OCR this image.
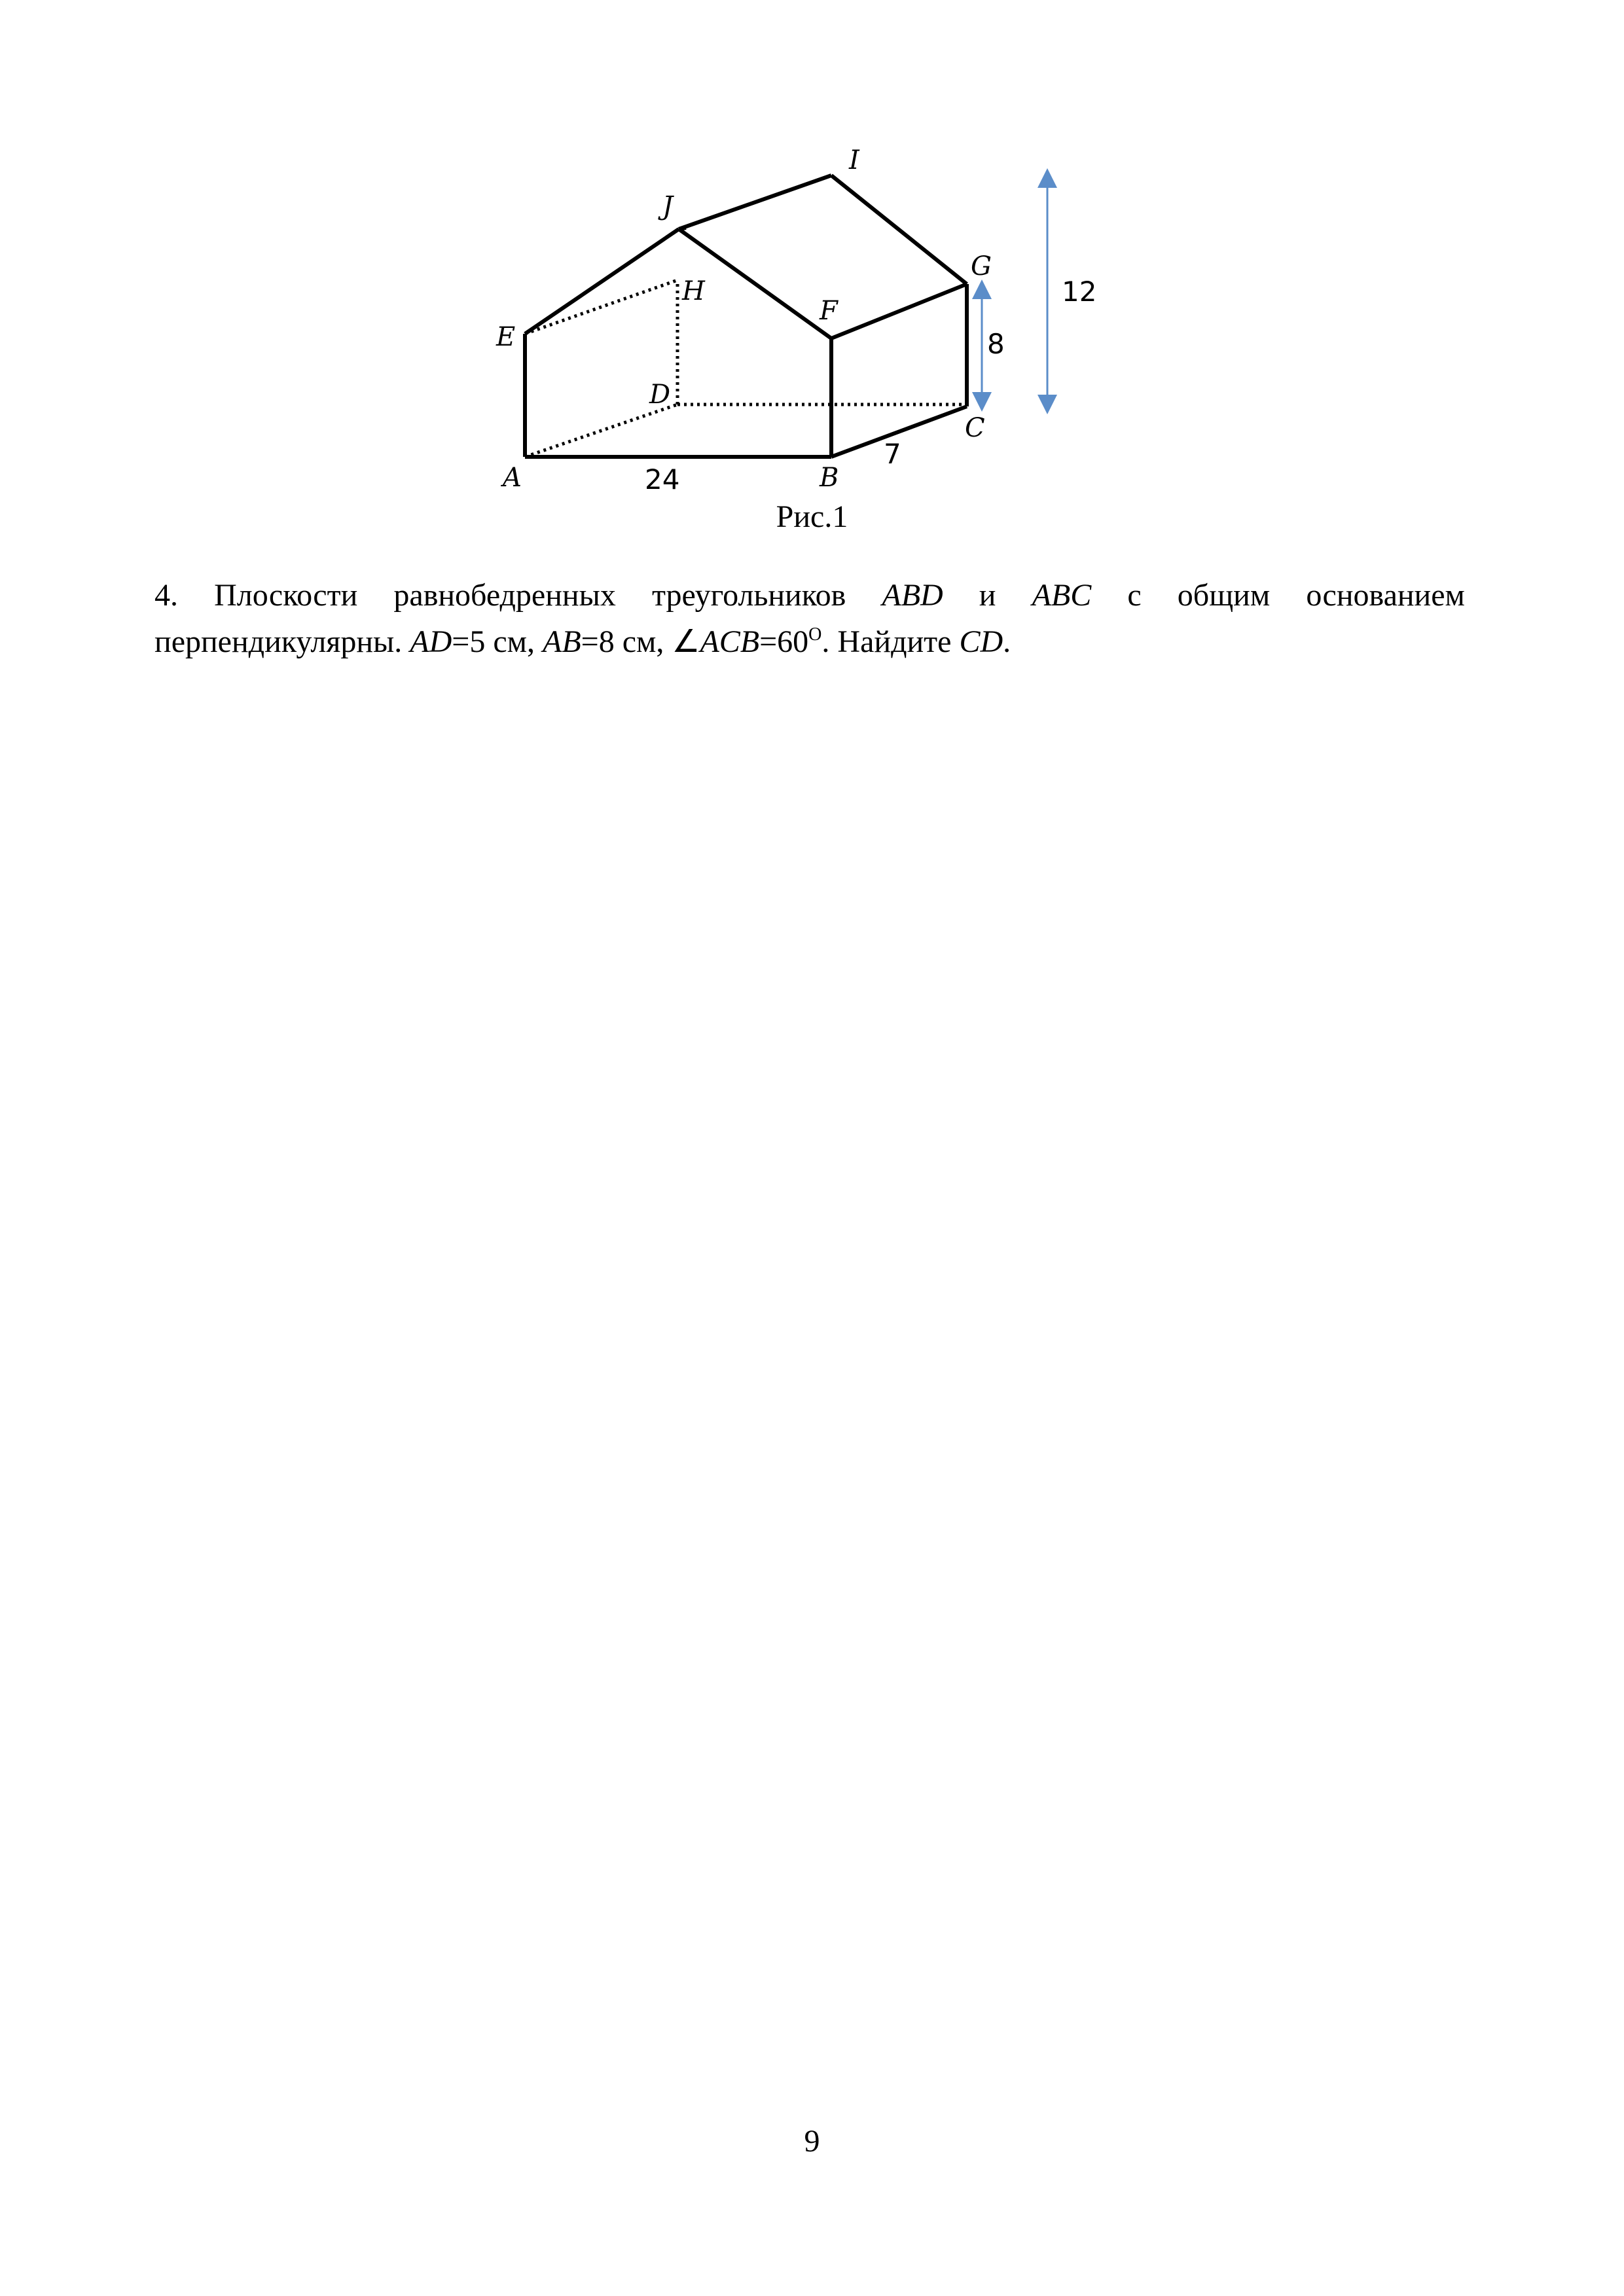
A	B
C
D
E
F
G
H
I
J
24
7
8
12
Рис.1
4. Плоскости равнобедренных треугольников ABD и ABC с общим основанием
перпендикулярны. AD=5 см, AB=8 см, $\angle ACB=60^O$. Найдите CD.
9
